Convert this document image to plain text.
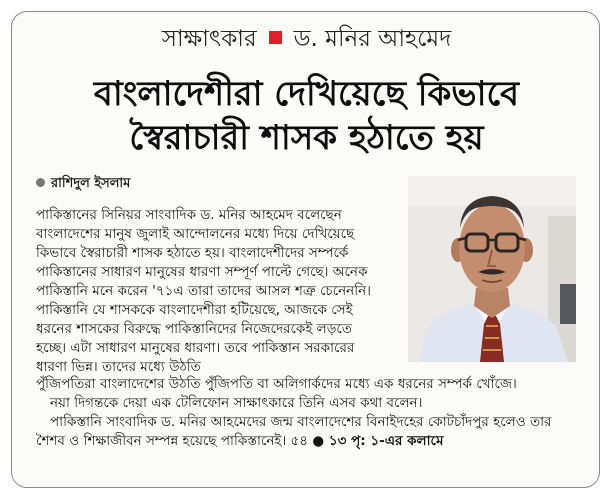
সাক্ষাৎকার ড. মনির আহমেদ
বাংলাদেশীরা দেখিয়েছে কিভাবে
স্বৈরাচারী শাসক হঠাতে হয়
রাশিদুল ইসলাম

পাকিস্তানের সিনিয়র সাংবাদিক ড. মনির আহমেদ বলেছেন বাংলাদেশের মানুষ জুলাই আন্দোলনের মধ্যে দিয়ে দেখিয়েছে কিভাবে স্বৈরাচারী শাসক হঠাতে হয়। বাংলাদেশীদের সম্পর্কে পাকিস্তানের সাধারণ মানুষের ধারণা সম্পূর্ণ পাল্টে গেছে। অনেক পাকিস্তানি মনে করেন '৭১এ তারা তাদের আসল শত্রু চেনেননি। পাকিস্তানি যে শাসককে বাংলাদেশীরা হটিয়েছে, আজকে সেই ধরনের শাসকের বিরুদ্ধে পাকিস্তানিদের নিজেদেরকেই লড়তে হচ্ছে। এটা সাধারণ মানুষের ধারণা। তবে পাকিস্তান সরকারের ধারণা ভিন্ন। তাদের মধ্যে উঠতি

পুঁজিপতিরা বাংলাদেশের উঠতি পুঁজিপতি বা অলিগার্কদের মধ্যে এক ধরনের সম্পর্ক খোঁজে।

নয়া দিগন্তকে দেয়া এক টেলিফোন সাক্ষাৎকারে তিনি এসব কথা বলেন।

পাকিস্তানি সাংবাদিক ড. মনির আহমেদের জন্ম বাংলাদেশের বিনাইদহের কোটচাঁদপুর হলেও তার শৈশব ও শিক্ষাজীবন সম্পন্ন হয়েছে পাকিস্তানেই। ৫৪ ● ১৩ পৃ: ১-এর কলামে
